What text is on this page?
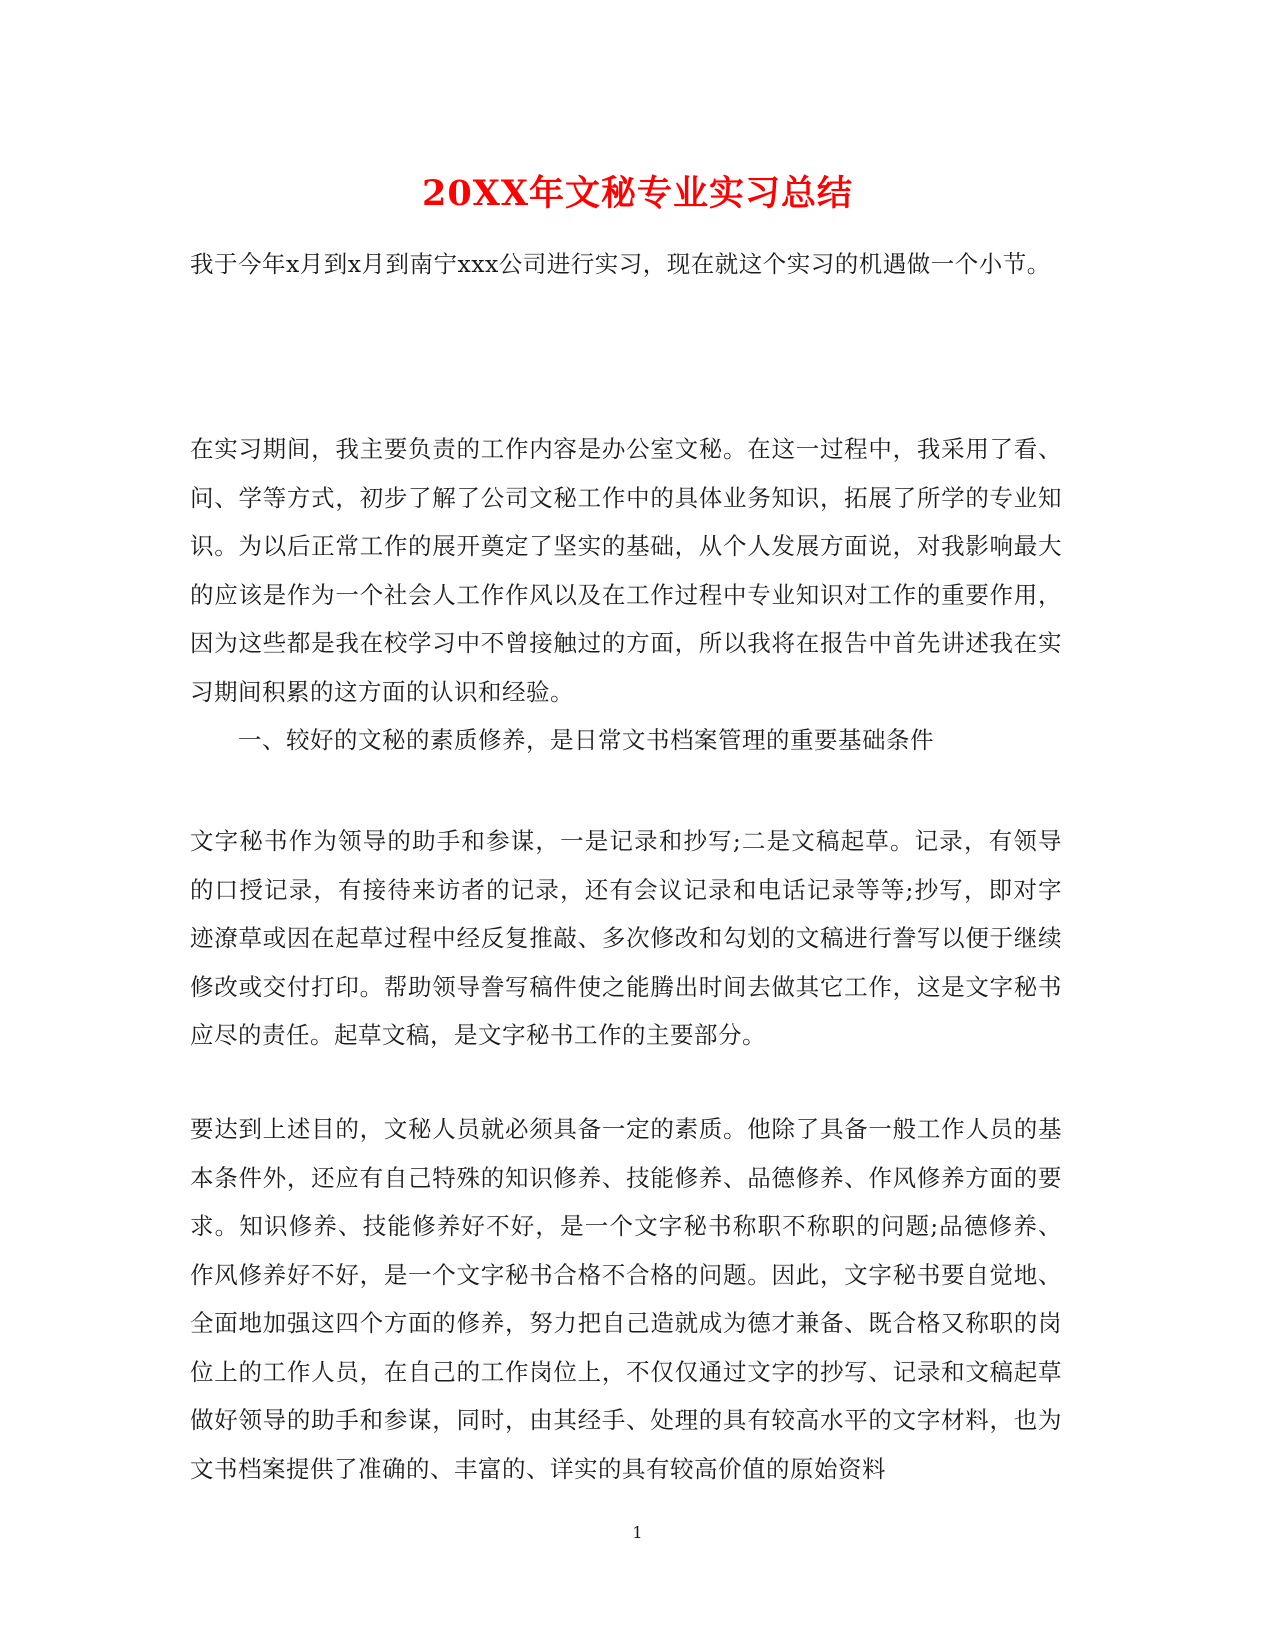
20XX年文秘专业实习总结

我于今年x月到x月到南宁xxx公司进行实习，现在就这个实习的机遇做一个小节。

在实习期间，我主要负责的工作内容是办公室文秘。在这一过程中，我采用了看、问、学等方式，初步了解了公司文秘工作中的具体业务知识，拓展了所学的专业知识。为以后正常工作的展开奠定了坚实的基础，从个人发展方面说，对我影响最大的应该是作为一个社会人工作作风以及在工作过程中专业知识对工作的重要作用，因为这些都是我在校学习中不曾接触过的方面，所以我将在报告中首先讲述我在实习期间积累的这方面的认识和经验。

一、较好的文秘的素质修养，是日常文书档案管理的重要基础条件

文字秘书作为领导的助手和参谋，一是记录和抄写;二是文稿起草。记录，有领导的口授记录，有接待来访者的记录，还有会议记录和电话记录等等;抄写，即对字迹潦草或因在起草过程中经反复推敲、多次修改和勾划的文稿进行誊写以便于继续修改或交付打印。帮助领导誊写稿件使之能腾出时间去做其它工作，这是文字秘书应尽的责任。起草文稿，是文字秘书工作的主要部分。

要达到上述目的，文秘人员就必须具备一定的素质。他除了具备一般工作人员的基本条件外，还应有自己特殊的知识修养、技能修养、品德修养、作风修养方面的要求。知识修养、技能修养好不好，是一个文字秘书称职不称职的问题;品德修养、作风修养好不好，是一个文字秘书合格不合格的问题。因此，文字秘书要自觉地、全面地加强这四个方面的修养，努力把自己造就成为德才兼备、既合格又称职的岗位上的工作人员，在自己的工作岗位上，不仅仅通过文字的抄写、记录和文稿起草做好领导的助手和参谋，同时，由其经手、处理的具有较高水平的文字材料，也为文书档案提供了准确的、丰富的、详实的具有较高价值的原始资料

1
